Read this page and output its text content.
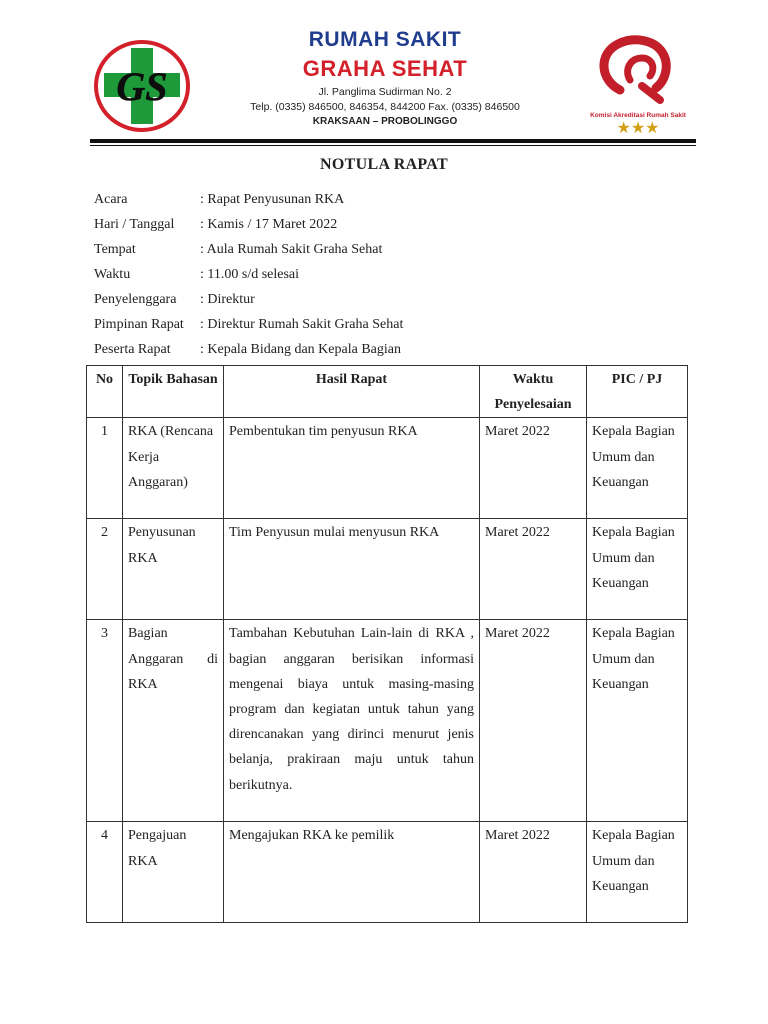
GS
Komisi Akreditasi Rumah Sakit
★★★
RUMAH SAKIT
GRAHA SEHAT
Jl. Panglima Sudirman No. 2
Telp. (0335) 846500, 846354, 844200 Fax. (0335) 846500
KRAKSAAN – PROBOLINGGO
NOTULA RAPAT
Acara	: Rapat Penyusunan RKA
Hari / Tanggal	: Kamis / 17 Maret 2022
Tempat	: Aula Rumah Sakit Graha Sehat
Waktu	: 11.00 s/d selesai
Penyelenggara	: Direktur
Pimpinan Rapat	: Direktur Rumah Sakit Graha Sehat
Peserta Rapat	: Kepala Bidang dan Kepala Bagian
No	Topik Bahasan	Hasil Rapat	Waktu Penyelesaian	PIC / PJ
1	RKA (Rencana Kerja Anggaran)	Pembentukan tim penyusun RKA	Maret 2022	Kepala Bagian Umum dan Keuangan
2	Penyusunan RKA	Tim Penyusun mulai menyusun RKA	Maret 2022	Kepala Bagian Umum dan Keuangan
3	Bagian Anggaran di RKA	Tambahan Kebutuhan Lain-lain di RKA , bagian anggaran berisikan informasi mengenai biaya untuk masing-masing program dan kegiatan untuk tahun yang direncanakan yang dirinci menurut jenis belanja, prakiraan maju untuk tahun berikutnya.	Maret 2022	Kepala Bagian Umum dan Keuangan
4	Pengajuan RKA	Mengajukan RKA ke pemilik	Maret 2022	Kepala Bagian Umum dan Keuangan
